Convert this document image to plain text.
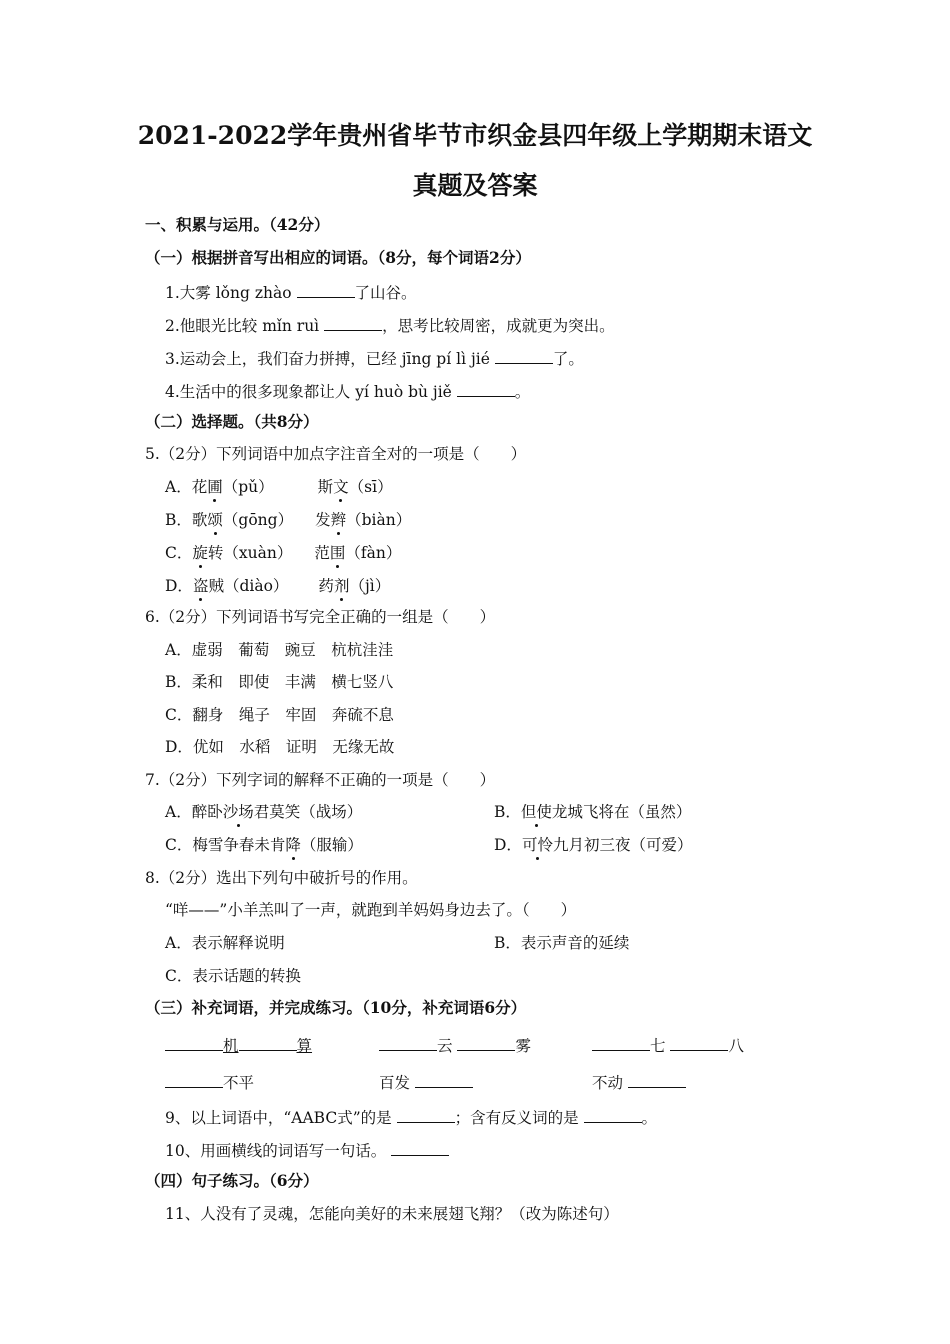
2021-2022学年贵州省毕节市织金县四年级上学期期末语文
真题及答案
一、积累与运用。（42分）
（一）根据拼音写出相应的词语。（8分，每个词语2分）
1.大雾 lǒng zhào	了山谷。
2.他眼光比较 mǐn ruì	，思考比较周密，成就更为突出。
3.运动会上，我们奋力拼搏，已经 jīng pí lì jié	了。
4.生活中的很多现象都让人 yí huò bù jiě	。
（二）选择题。（共8分）
5.（2分）下列词语中加点字注音全对的一项是（　　）
A．花圃（pǔ）	斯文（sī）
B．歌颂（gōng） 发辫（biàn）
C．旋转（xuàn） 范围（fàn）
D．盗贼（diào） 药剂（jì）
6.（2分）下列词语书写完全正确的一组是（　　）
A．虚弱　葡萄　豌豆　杭杭洼洼
B．柔和　即使　丰满　横七竖八
C．翻身　绳子　牢固　奔硫不息
D．优如　水稻　证明　无缘无故
7.（2分）下列字词的解释不正确的一项是（　　）
A．醉卧沙场君莫笑（战场）	B．但使龙城飞将在（虽然）
C．梅雪争春未肯降（服输）	D．可怜九月初三夜（可爱）
8.（2分）选出下列句中破折号的作用。
“咩——”小羊羔叫了一声，就跑到羊妈妈身边去了。（　　）
A．表示解释说明	B．表示声音的延续
C．表示话题的转换
（三）补充词语，并完成练习。（10分，补充词语6分）
机	算	云	雾	七	八
不平	百发	不动
9、以上词语中，“AABC式”的是	；含有反义词的是	。
10、用画横线的词语写一句话。
（四）句子练习。（6分）
11、人没有了灵魂，怎能向美好的未来展翅飞翔？（改为陈述句）
